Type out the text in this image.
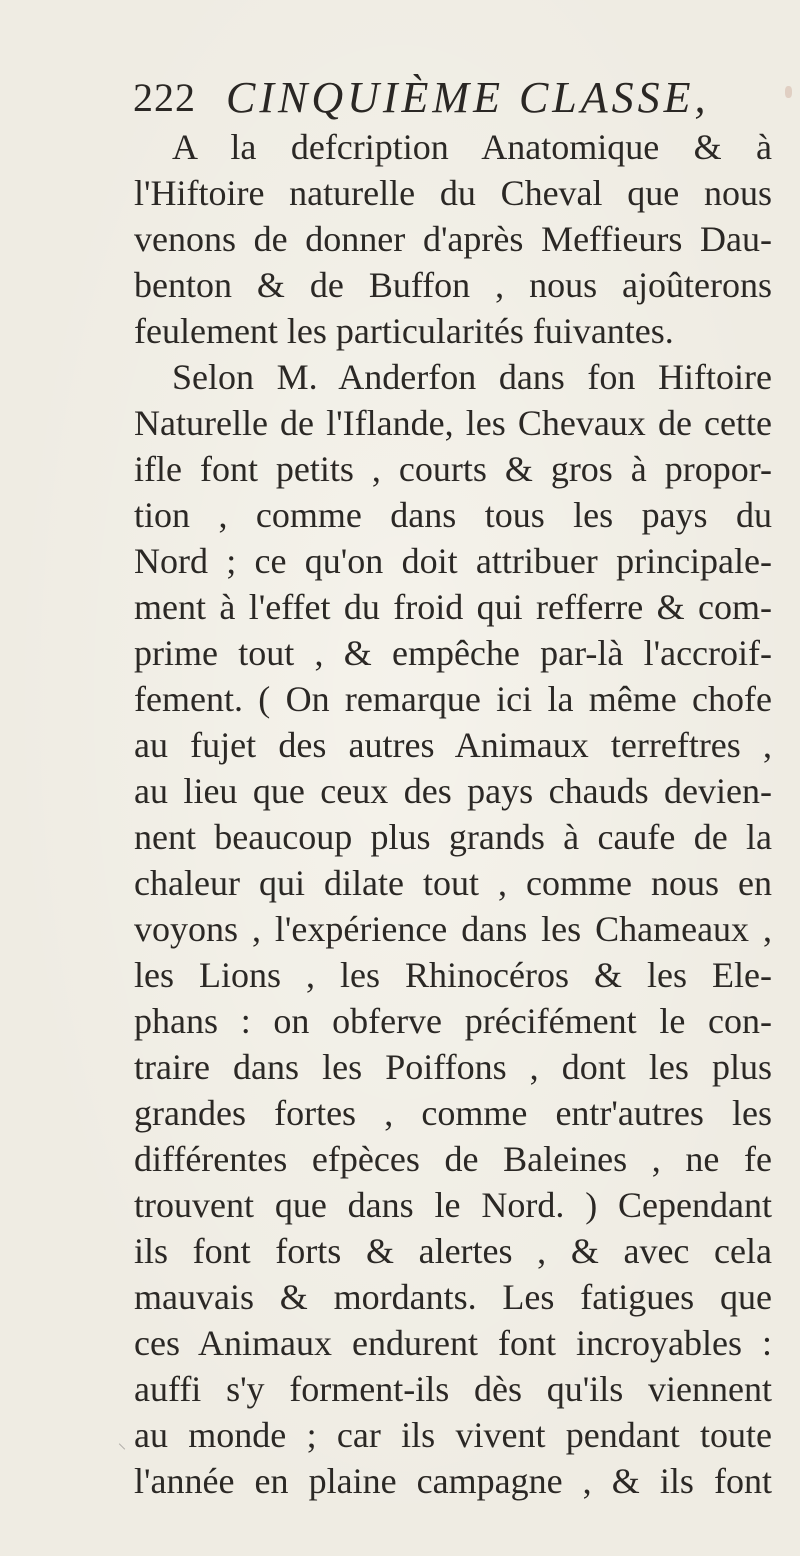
222 CINQUIÈME CLASSE,
A la defcription Anatomique & à
l'Hiftoire naturelle du Cheval que nous
venons de donner d'après Meffieurs Dau-
benton & de Buffon , nous ajoûterons
feulement les particularités fuivantes.
Selon M. Anderfon dans fon Hiftoire
Naturelle de l'Iflande, les Chevaux de cette
ifle font petits , courts & gros à propor-
tion , comme dans tous les pays du
Nord ; ce qu'on doit attribuer principale-
ment à l'effet du froid qui refferre & com-
prime tout , & empêche par-là l'accroif-
fement. ( On remarque ici la même chofe
au fujet des autres Animaux terreftres ,
au lieu que ceux des pays chauds devien-
nent beaucoup plus grands à caufe de la
chaleur qui dilate tout , comme nous en
voyons , l'expérience dans les Chameaux ,
les Lions , les Rhinocéros & les Ele-
phans : on obferve précifément le con-
traire dans les Poiffons , dont les plus
grandes fortes , comme entr'autres les
différentes efpèces de Baleines , ne fe
trouvent que dans le Nord. ) Cependant
ils font forts & alertes , & avec cela
mauvais & mordants. Les fatigues que
ces Animaux endurent font incroyables :
auffi s'y forment-ils dès qu'ils viennent
au monde ; car ils vivent pendant toute
l'année en plaine campagne , & ils font
